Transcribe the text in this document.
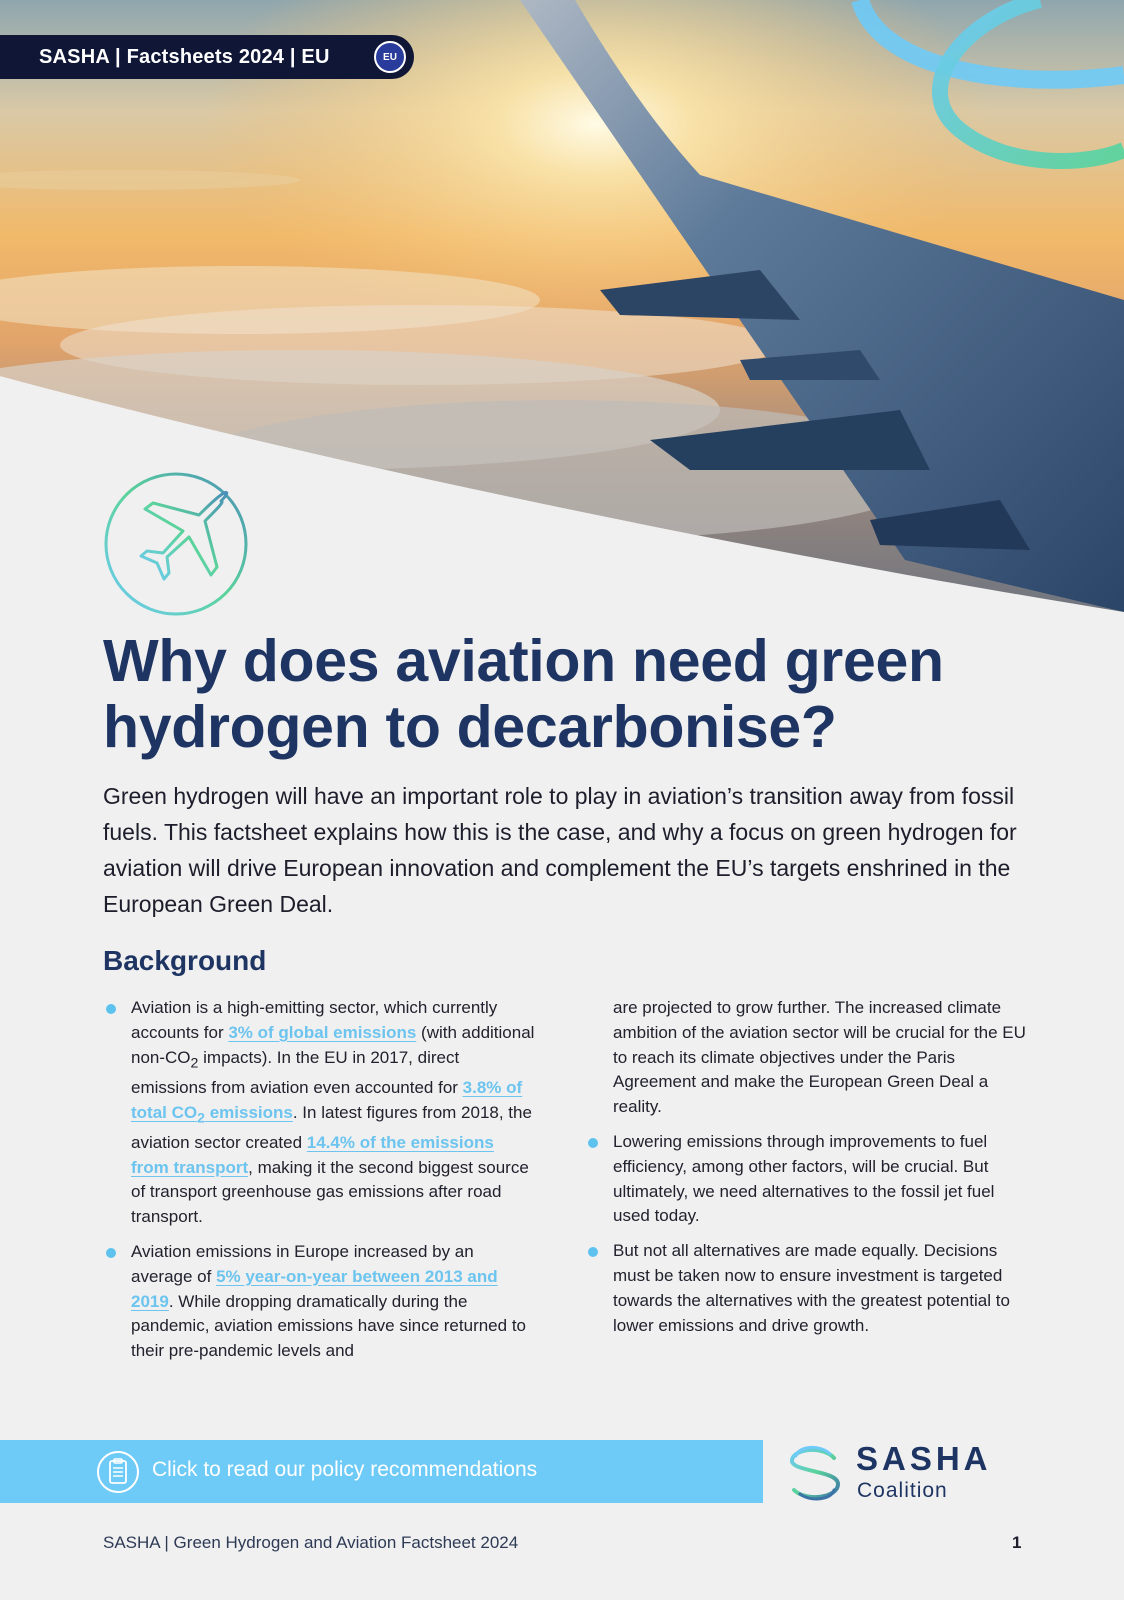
SASHA | Factsheets 2024 | EU	EU
Why does aviation need green hydrogen to decarbonise?

Green hydrogen will have an important role to play in aviation’s transition away from fossil fuels. This factsheet explains how this is the case, and why a focus on green hydrogen for aviation will drive European innovation and complement the EU’s targets enshrined in the European Green Deal.

Background
Aviation is a high-emitting sector, which currently accounts for 3% of global emissions (with additional non-$CO_2$ impacts). In the EU in 2017, direct emissions from aviation even accounted for 3.8% of total $CO_2$ emissions. In latest figures from 2018, the aviation sector created 14.4% of the emissions from transport, making it the second biggest source of transport greenhouse gas emissions after road transport.
Aviation emissions in Europe increased by an average of 5% year-on-year between 2013 and 2019. While dropping dramatically during the pandemic, aviation emissions have since returned to their pre-pandemic levels and
are projected to grow further. The increased climate ambition of the aviation sector will be crucial for the EU to reach its climate objectives under the Paris Agreement and make the European Green Deal a reality.
Lowering emissions through improvements to fuel efficiency, among other factors, will be crucial. But ultimately, we need alternatives to the fossil jet fuel used today.
But not all alternatives are made equally. Decisions must be taken now to ensure investment is targeted towards the alternatives with the greatest potential to lower emissions and drive growth.
Click to read our policy recommendations	SASHA
Coalition
SASHA | Green Hydrogen and Aviation Factsheet 2024	1
